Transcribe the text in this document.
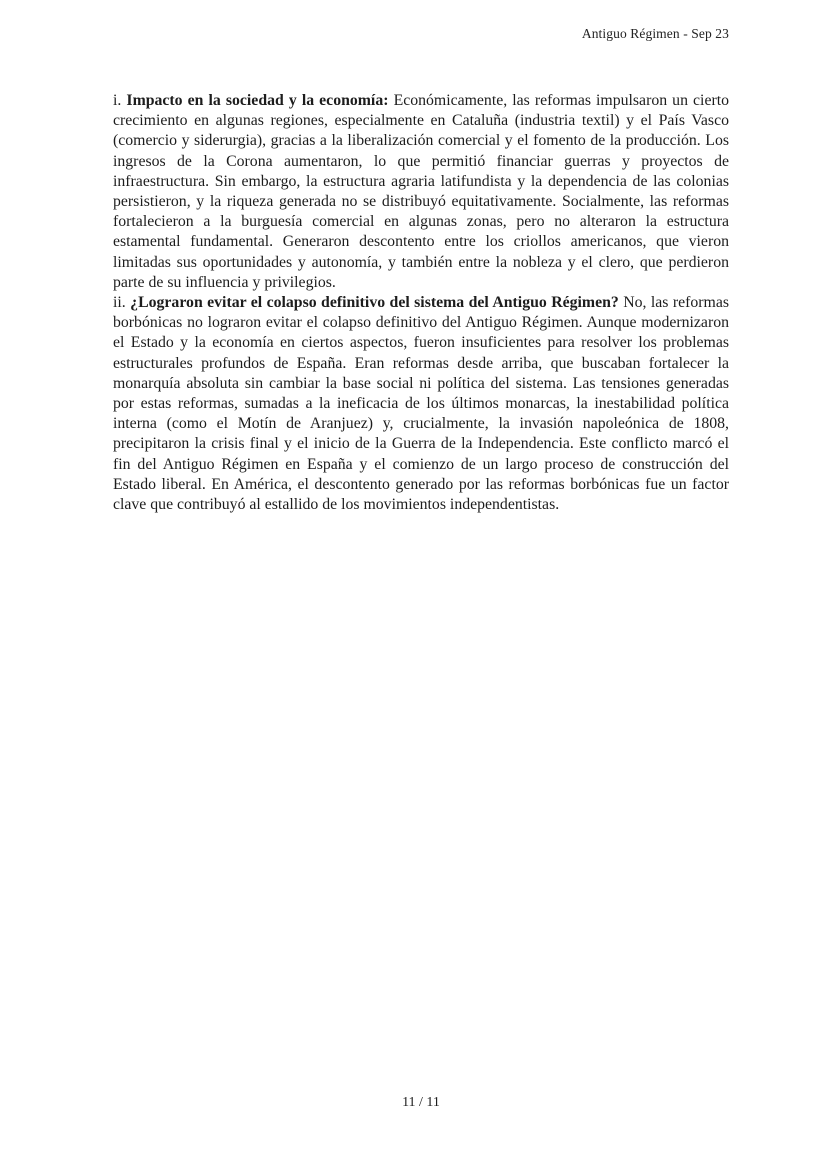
Antiguo Régimen - Sep 23

i. Impacto en la sociedad y la economía: Económicamente, las reformas impulsaron un cierto crecimiento en algunas regiones, especialmente en Cataluña (industria textil) y el País Vasco (comercio y siderurgia), gracias a la liberalización comercial y el fomento de la producción. Los ingresos de la Corona aumentaron, lo que permitió financiar guerras y proyectos de infraestructura. Sin embargo, la estructura agraria latifundista y la dependencia de las colonias persistieron, y la riqueza generada no se distribuyó equitativamente. Socialmente, las reformas fortalecieron a la burguesía comercial en algunas zonas, pero no alteraron la estructura estamental fundamental. Generaron descontento entre los criollos americanos, que vieron limitadas sus oportunidades y autonomía, y también entre la nobleza y el clero, que perdieron parte de su influencia y privilegios.

ii. ¿Lograron evitar el colapso definitivo del sistema del Antiguo Régimen? No, las reformas borbónicas no lograron evitar el colapso definitivo del Antiguo Régimen. Aunque modernizaron el Estado y la economía en ciertos aspectos, fueron insuficientes para resolver los problemas estructurales profundos de España. Eran reformas desde arriba, que buscaban fortalecer la monarquía absoluta sin cambiar la base social ni política del sistema. Las tensiones generadas por estas reformas, sumadas a la ineficacia de los últimos monarcas, la inestabilidad política interna (como el Motín de Aranjuez) y, crucialmente, la invasión napoleónica de 1808, precipitaron la crisis final y el inicio de la Guerra de la Independencia. Este conflicto marcó el fin del Antiguo Régimen en España y el comienzo de un largo proceso de construcción del Estado liberal. En América, el descontento generado por las reformas borbónicas fue un factor clave que contribuyó al estallido de los movimientos independentistas.

11 / 11
